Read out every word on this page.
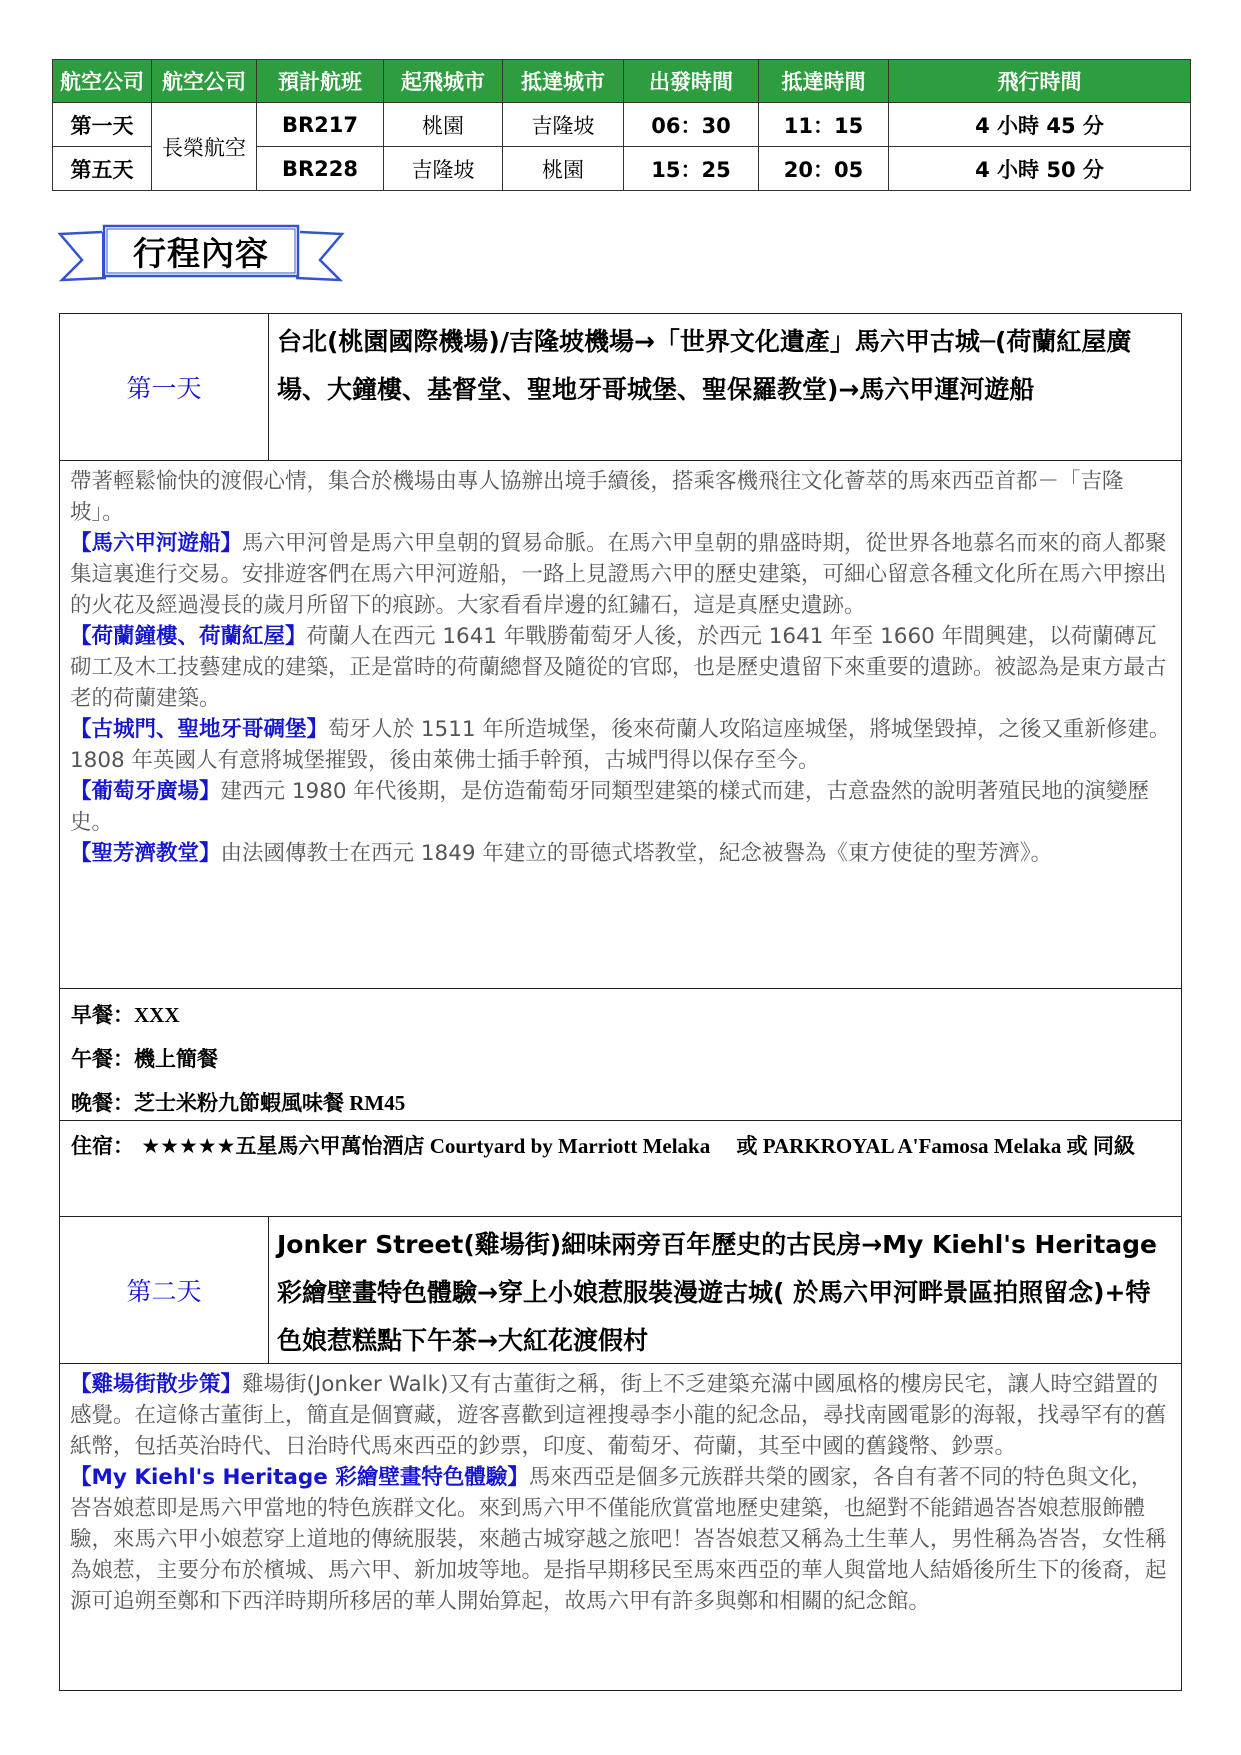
航空公司	航空公司	預計航班	起飛城市	抵達城市	出發時間	抵達時間	飛行時間
第一天	長榮航空	BR217	桃園	吉隆坡	06：30	11：15	4 小時 45 分
第五天		BR228	吉隆坡	桃園	15：25	20：05	4 小時 50 分
行程內容
第一天
台北(桃園國際機場)/吉隆坡機場→「世界文化遺產」馬六甲古城─(荷蘭紅屋廣場、大鐘樓、基督堂、聖地牙哥城堡、聖保羅教堂)→馬六甲運河遊船

帶著輕鬆愉快的渡假心情，集合於機場由專人協辦出境手續後，搭乘客機飛往文化薈萃的馬來西亞首都－「吉隆坡」。

【馬六甲河遊船】馬六甲河曾是馬六甲皇朝的貿易命脈。在馬六甲皇朝的鼎盛時期，從世界各地慕名而來的商人都聚集這裏進行交易。安排遊客們在馬六甲河遊船，一路上見證馬六甲的歷史建築，可細心留意各種文化所在馬六甲擦出的火花及經過漫長的歲月所留下的痕跡。大家看看岸邊的紅鏽石，這是真歷史遺跡。

【荷蘭鐘樓、荷蘭紅屋】荷蘭人在西元 1641 年戰勝葡萄牙人後，於西元 1641 年至 1660 年間興建，以荷蘭磚瓦砌工及木工技藝建成的建築，正是當時的荷蘭總督及隨從的官邸，也是歷史遺留下來重要的遺跡。被認為是東方最古老的荷蘭建築。

【古城門、聖地牙哥碉堡】萄牙人於 1511 年所造城堡，後來荷蘭人攻陷這座城堡，將城堡毀掉，之後又重新修建。1808 年英國人有意將城堡摧毀，後由萊佛士插手幹預，古城門得以保存至今。

【葡萄牙廣場】建西元 1980 年代後期，是仿造葡萄牙同類型建築的樣式而建，古意盎然的說明著殖民地的演變歷史。

【聖芳濟教堂】由法國傳教士在西元 1849 年建立的哥德式塔教堂，紀念被譽為《東方使徒的聖芳濟》。

早餐：XXX
午餐：機上簡餐
晚餐：芝士米粉九節蝦風味餐 RM45
住宿： ★★★★★五星馬六甲萬怡酒店 Courtyard by Marriott Melaka　 或 PARKROYAL A'Famosa Melaka 或 同級
第二天
Jonker Street(雞場街)細味兩旁百年歷史的古民房→My Kiehl's Heritage 彩繪壁畫特色體驗→穿上小娘惹服裝漫遊古城( 於馬六甲河畔景區拍照留念)+特色娘惹糕點下午茶→大紅花渡假村

【雞場街散步策】雞場街(Jonker Walk)又有古董街之稱，街上不乏建築充滿中國風格的樓房民宅，讓人時空錯置的感覺。在這條古董街上，簡直是個寶藏，遊客喜歡到這裡搜尋李小龍的紀念品，尋找南國電影的海報，找尋罕有的舊紙幣，包括英治時代、日治時代馬來西亞的鈔票，印度、葡萄牙、荷蘭，其至中國的舊錢幣、鈔票。

【My Kiehl's Heritage 彩繪壁畫特色體驗】馬來西亞是個多元族群共榮的國家，各自有著不同的特色與文化，峇峇娘惹即是馬六甲當地的特色族群文化。來到馬六甲不僅能欣賞當地歷史建築，也絕對不能錯過峇峇娘惹服飾體驗，來馬六甲小娘惹穿上道地的傳統服裝，來趟古城穿越之旅吧！峇峇娘惹又稱為土生華人，男性稱為峇峇，女性稱為娘惹，主要分布於檳城、馬六甲、新加坡等地。是指早期移民至馬來西亞的華人與當地人結婚後所生下的後裔，起源可追朔至鄭和下西洋時期所移居的華人開始算起，故馬六甲有許多與鄭和相關的紀念館。
